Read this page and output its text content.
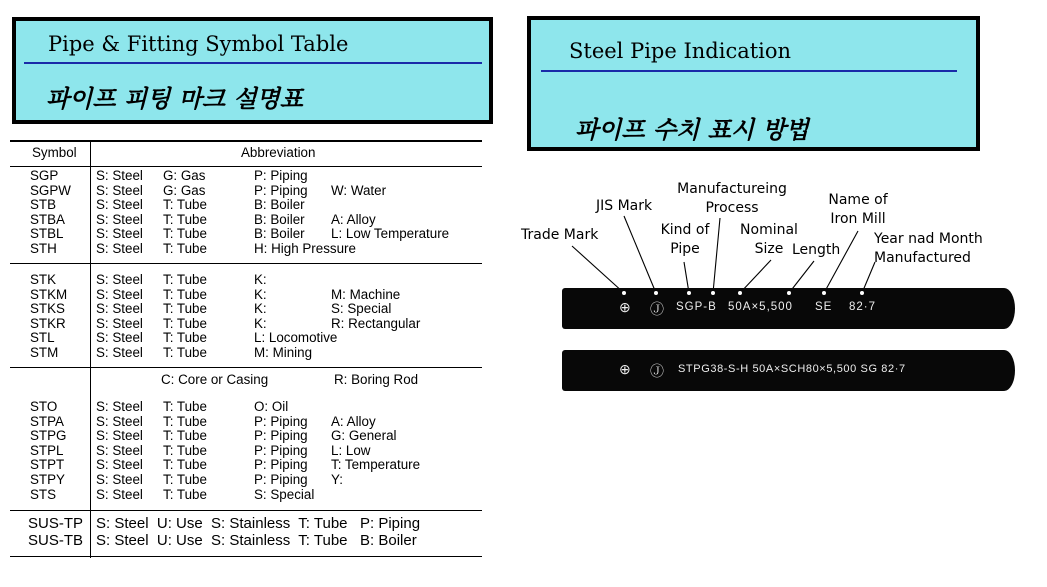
Pipe & Fitting Symbol Table
파이프 피팅 마크 설명표
Steel Pipe Indication
파이프 수치 표시 방법
Symbol	Abbreviation
SGP	S: Steel G: Gas	P: Piping
SGPW S: Steel G: Gas	P: Piping W: Water
STB	S: Steel T: Tube	B: Boiler
STBA S: Steel T: Tube	B: Boiler A: Alloy
STBL S: Steel T: Tube	B: Boiler L: Low Temperature
STH	S: Steel T: Tube	H: High Pressure
STK	S: Steel T: Tube	K:
STKM S: Steel T: Tube	K:	M: Machine
STKS S: Steel T: Tube	K:	S: Special
STKR S: Steel T: Tube	K:	R: Rectangular
STL	S: Steel T: Tube	L: Locomotive
STM	S: Steel T: Tube	M: Mining
C: Core or Casing	R: Boring Rod
STO	S: Steel T: Tube	O: Oil
STPA S: Steel T: Tube	P: Piping A: Alloy
STPG S: Steel T: Tube	P: Piping G: General
STPL S: Steel T: Tube	P: Piping L: Low
STPT S: Steel T: Tube	P: Piping T: Temperature
STPY S: Steel T: Tube	P: Piping Y:
STS	S: Steel T: Tube	S: Special
SUS-TP S: Steel  U: Use  S: Stainless  T: Tube   P: Piping
SUS-TB S: Steel  U: Use  S: Stainless  T: Tube   B: Boiler
Trade Mark
JIS Mark
Kind of
Pipe
Manufactureing
Process
Nominal
Size Length
Name of
Iron Mill
Year nad Month
Manufactured
⊕ Ⓙ SGP-B 50A×5,500 SE 82·7
⊕ Ⓙ STPG38-S-H 50A×SCH80×5,500 SG 82·7
